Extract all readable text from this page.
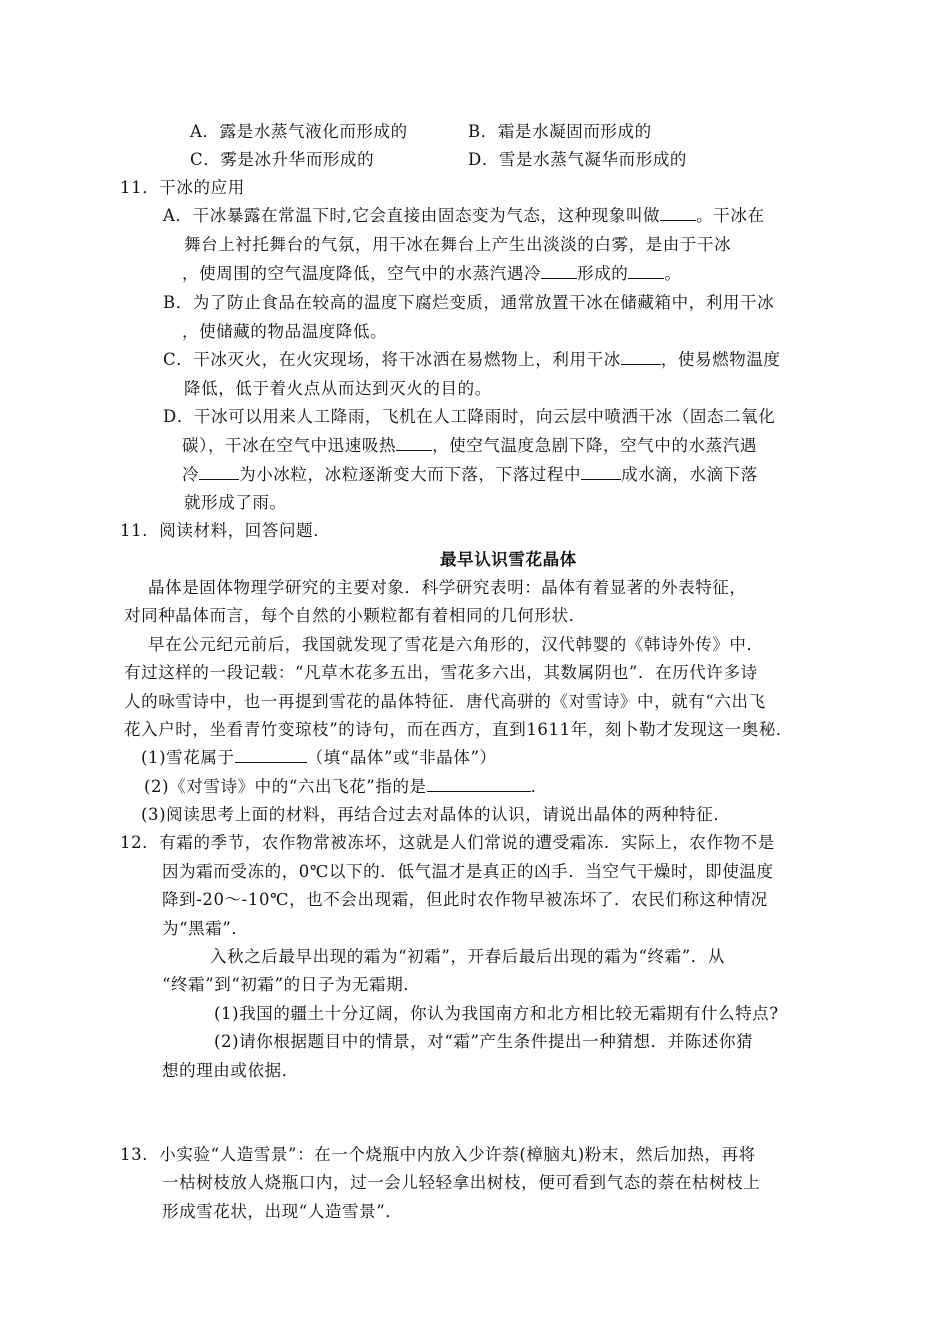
A．露是水蒸气液化而形成的	B．霜是水凝固而形成的
C．雾是冰升华而形成的	D．雪是水蒸气凝华而形成的
11．干冰的应用
A．干冰暴露在常温下时,它会直接由固态变为气态，这种现象叫做 。干冰在
舞台上衬托舞台的气氛，用干冰在舞台上产生出淡淡的白雾，是由于干冰
，使周围的空气温度降低，空气中的水蒸汽遇冷 形成的 。
B．为了防止食品在较高的温度下腐烂变质，通常放置干冰在储藏箱中，利用干冰
，使储藏的物品温度降低。
C．干冰灭火，在火灾现场，将干冰洒在易燃物上，利用干冰 ，使易燃物温度
降低，低于着火点从而达到灭火的目的。
D．干冰可以用来人工降雨，飞机在人工降雨时，向云层中喷洒干冰（固态二氧化
碳），干冰在空气中迅速吸热 ，使空气温度急剧下降，空气中的水蒸汽遇
冷 为小冰粒，冰粒逐渐变大而下落，下落过程中 成水滴，水滴下落
就形成了雨。
11．阅读材料，回答问题．
最早认识雪花晶体
晶体是固体物理学研究的主要对象．科学研究表明：晶体有着显著的外表特征，
对同种晶体而言，每个自然的小颗粒都有着相同的几何形状．
早在公元纪元前后，我国就发现了雪花是六角形的，汉代韩婴的《韩诗外传》中．
有过这样的一段记载：“凡草木花多五出，雪花多六出，其数属阴也”．在历代许多诗
人的咏雪诗中，也一再提到雪花的晶体特征．唐代高骈的《对雪诗》中，就有“六出飞
花入户时，坐看青竹变琼枝”的诗句，而在西方，直到1611年，刻卜勒才发现这一奥秘．
(1)雪花属于	（填“晶体”或“非晶体”）
(2)《对雪诗》中的“六出飞花”指的是	．
(3)阅读思考上面的材料，再结合过去对晶体的认识，请说出晶体的两种特征．
12．有霜的季节，农作物常被冻坏，这就是人们常说的遭受霜冻．实际上，农作物不是
因为霜而受冻的，0℃以下的．低气温才是真正的凶手．当空气干燥时，即使温度
降到-20～-10℃，也不会出现霜，但此时农作物早被冻坏了．农民们称这种情况
为“黑霜”．
入秋之后最早出现的霜为“初霜”，开春后最后出现的霜为“终霜”．从
“终霜”到“初霜”的日子为无霜期．
(1)我国的疆土十分辽阔，你认为我国南方和北方相比较无霜期有什么特点?
(2)请你根据题目中的情景，对“霜”产生条件提出一种猜想．并陈述你猜
想的理由或依据．
13．小实验“人造雪景”：在一个烧瓶中内放入少许萘(樟脑丸)粉末，然后加热，再将
一枯树枝放人烧瓶口内，过一会儿轻轻拿出树枝，便可看到气态的萘在枯树枝上
形成雪花状，出现“人造雪景”．
